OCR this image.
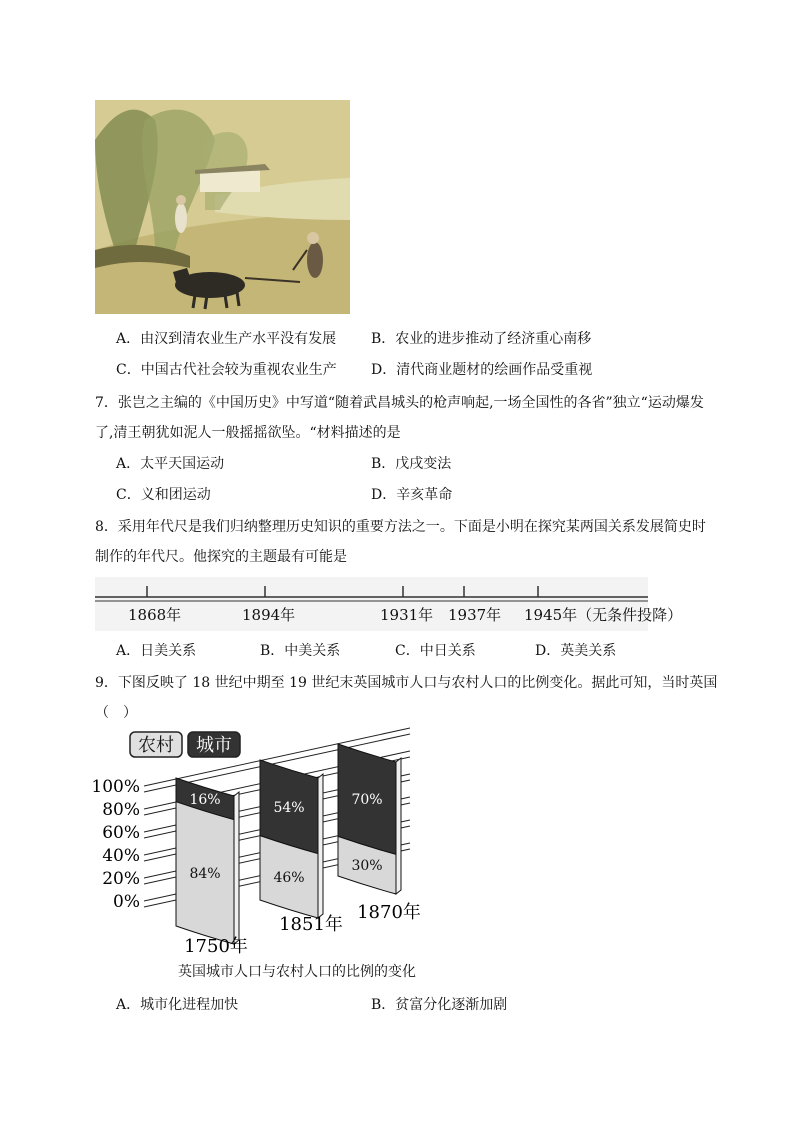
A．由汉到清农业生产水平没有发展 B．农业的进步推动了经济重心南移
C．中国古代社会较为重视农业生产 D．清代商业题材的绘画作品受重视
7．张岂之主编的《中国历史》中写道“随着武昌城头的枪声响起,一场全国性的各省”独立“运动爆发
了,清王朝犹如泥人一般摇摇欲坠。“材料描述的是
A．太平天国运动	B．戊戌变法
C．义和团运动	D．辛亥革命
8．采用年代尺是我们归纳整理历史知识的重要方法之一。下面是小明在探究某两国关系发展简史时
制作的年代尺。他探究的主题最有可能是
1868年	1894年	1931年 1937年 1945年（无条件投降）
A．日美关系	B．中美关系	C．中日关系	D．英美关系
9．下图反映了 18 世纪中期至 19 世纪末英国城市人口与农村人口的比例变化。据此可知，当时英国
（　）
16%
84%
54%
46%
70%
30%
农村 城市
100%
80%
60%
40%
20%
0%
1750年
1851年
1870年
英国城市人口与农村人口的比例的变化
A．城市化进程加快	B．贫富分化逐渐加剧
